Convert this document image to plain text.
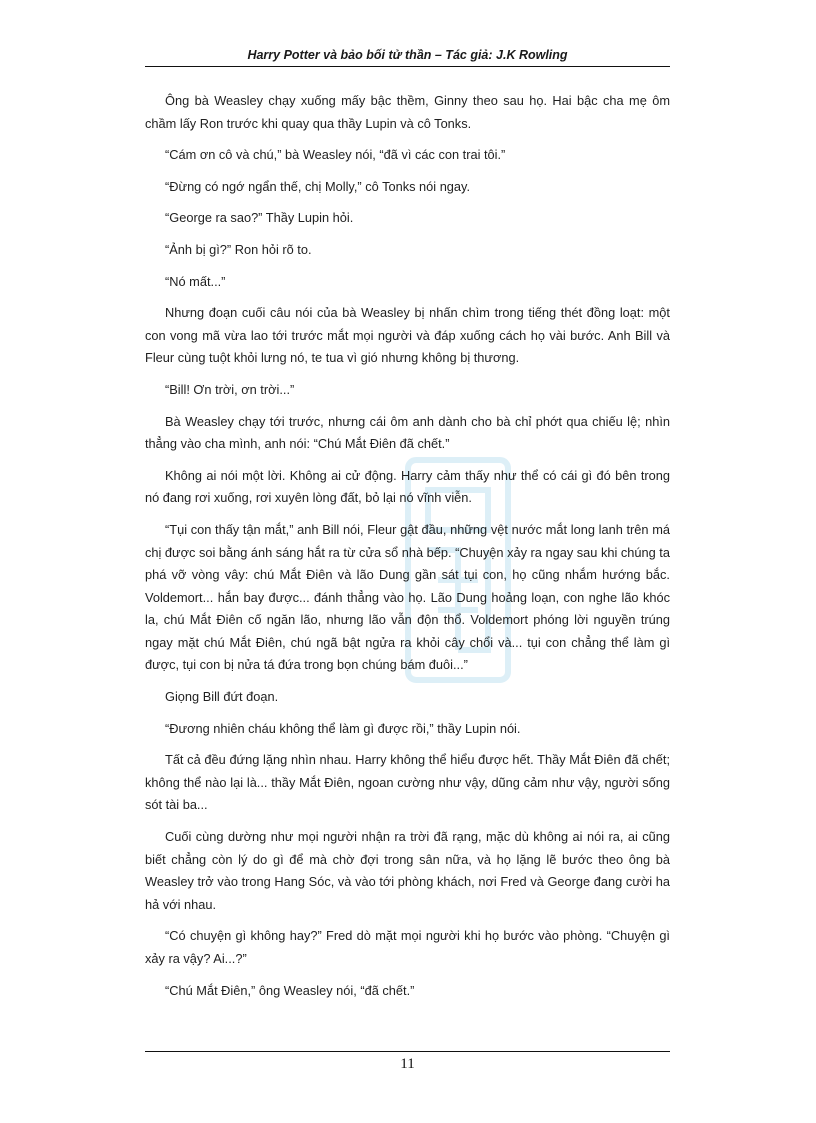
Harry Potter và bảo bối tử thần – Tác giả: J.K Rowling

Ông bà Weasley chạy xuống mấy bậc thềm, Ginny theo sau họ. Hai bậc cha mẹ ôm chầm lấy Ron trước khi quay qua thầy Lupin và cô Tonks.

“Cám ơn cô và chú,” bà Weasley nói, “đã vì các con trai tôi.”

“Đừng có ngớ ngẩn thế, chị Molly,” cô Tonks nói ngay.

“George ra sao?” Thầy Lupin hỏi.

“Ảnh bị gì?” Ron hỏi rõ to.

“Nó mất...”

Nhưng đoạn cuối câu nói của bà Weasley bị nhấn chìm trong tiếng thét đồng loạt: một con vong mã vừa lao tới trước mắt mọi người và đáp xuống cách họ vài bước. Anh Bill và Fleur cùng tuột khỏi lưng nó, te tua vì gió nhưng không bị thương.

“Bill! Ơn trời, ơn trời...”

Bà Weasley chạy tới trước, nhưng cái ôm anh dành cho bà chỉ phớt qua chiếu lệ; nhìn thẳng vào cha mình, anh nói: “Chú Mắt Điên đã chết.”

Không ai nói một lời. Không ai cử động. Harry cảm thấy như thể có cái gì đó bên trong nó đang rơi xuống, rơi xuyên lòng đất, bỏ lại nó vĩnh viễn.

“Tụi con thấy tận mắt,” anh Bill nói, Fleur gật đầu, những vệt nước mắt long lanh trên má chị được soi bằng ánh sáng hắt ra từ cửa sổ nhà bếp. “Chuyện xảy ra ngay sau khi chúng ta phá vỡ vòng vây: chú Mắt Điên và lão Dung gần sát tụi con, họ cũng nhắm hướng bắc. Voldemort... hắn bay được... đánh thẳng vào họ. Lão Dung hoảng loạn, con nghe lão khóc la, chú Mắt Điên cố ngăn lão, nhưng lão vẫn độn thổ. Voldemort phóng lời nguyền trúng ngay mặt chú Mắt Điên, chú ngã bật ngửa ra khỏi cây chổi và... tụi con chẳng thể làm gì được, tụi con bị nửa tá đứa trong bọn chúng bám đuôi...”

Giọng Bill đứt đoạn.

“Đương nhiên cháu không thể làm gì được rồi,” thầy Lupin nói.

Tất cả đều đứng lặng nhìn nhau. Harry không thể hiểu được hết. Thầy Mắt Điên đã chết; không thể nào lại là... thầy Mắt Điên, ngoan cường như vậy, dũng cảm như vậy, người sống sót tài ba...

Cuối cùng dường như mọi người nhận ra trời đã rạng, mặc dù không ai nói ra, ai cũng biết chẳng còn lý do gì để mà chờ đợi trong sân nữa, và họ lặng lẽ bước theo ông bà Weasley trở vào trong Hang Sóc, và vào tới phòng khách, nơi Fred và George đang cười ha hả với nhau.

“Có chuyện gì không hay?” Fred dò mặt mọi người khi họ bước vào phòng. “Chuyện gì xảy ra vậy? Ai...?”

“Chú Mắt Điên,” ông Weasley nói, “đã chết.”

11
